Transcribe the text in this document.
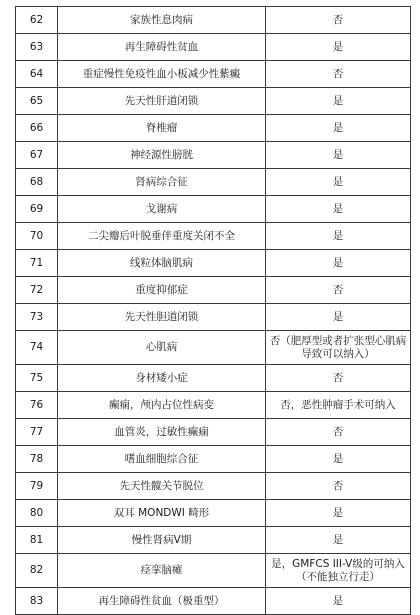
62	家族性息肉病	否
63	再生障碍性贫血	是
64	重症慢性免疫性血小板减少性紫癜	否
65	先天性肝道闭锁	是
66	脊椎瘤	是
67	神经源性膀胱	是
68	肾病综合征	是
69	戈谢病	是
70	二尖瓣后叶脱垂伴重度关闭不全	是
71	线粒体脑肌病	是
72	重度抑郁症	否
73	先天性胆道闭锁	是
74	心肌病	否（肥厚型或者扩张型心肌病导致可以纳入）
75	身材矮小症	否
76	癫痫，颅内占位性病变	否，恶性肿瘤手术可纳入
77	血管炎，过敏性癫痫	否
78	嗜血细胞综合征	是
79	先天性髋关节脱位	否
80	双耳 MONDWI 畸形	是
81	慢性肾病Ⅴ期	是
82	痉挛脑瘫	是，GMFCS III-V级的可纳入（不能独立行走）
83	再生障碍性贫血（极重型）	是
